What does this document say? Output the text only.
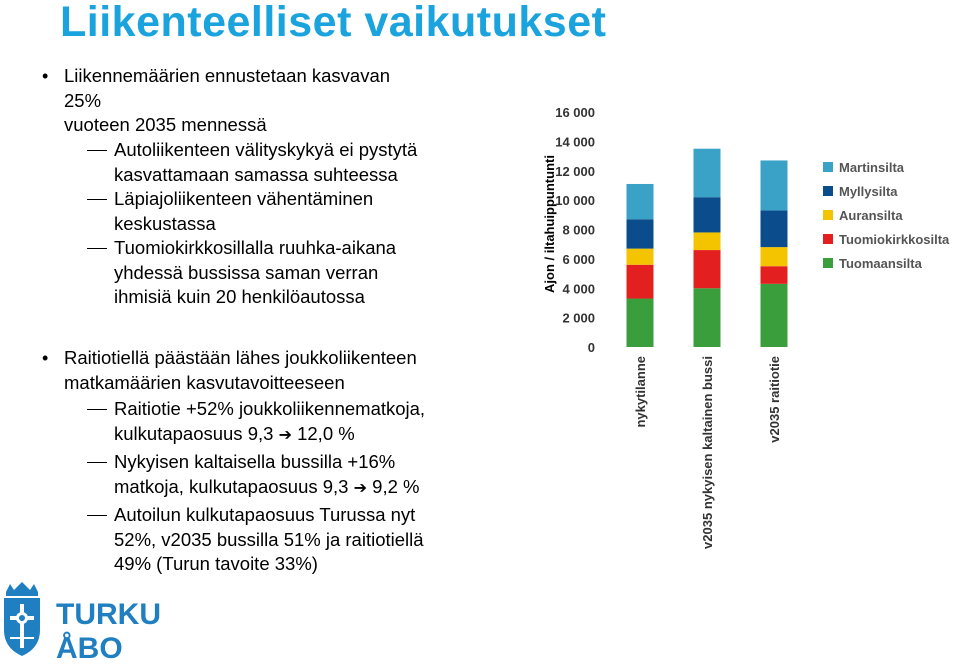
Liikenteelliset vaikutukset
• Liikennemäärien ennustetaan kasvavan
25%
vuoteen 2035 mennessä
Autoliikenteen välityskykyä ei pystytä
kasvattamaan samassa suhteessa
Läpiajoliikenteen vähentäminen
keskustassa
Tuomiokirkkosillalla ruuhka-aikana
yhdessä bussissa saman verran
ihmisiä kuin 20 henkilöautossa
• Raitiotiellä päästään lähes joukkoliikenteen
matkamäärien kasvutavoitteeseen
Raitiotie +52% joukkoliikennematkoja,
kulkutapaosuus 9,3 ➔ 12,0 %
Nykyisen kaltaisella bussilla +16%
matkoja, kulkutapaosuus 9,3 ➔ 9,2 %
Autoilun kulkutapaosuus Turussa nyt
52%, v2035 bussilla 51% ja raitiotiellä
49% (Turun tavoite 33%)
Ajon / iltahuippuntunti
0
2 000
4 000
6 000
8 000
10 000
12 000
14 000
16 000
nykytilanne	v2035 nykyisen kaltainen bussi	v2035 raitiotie
Martinsilta
Myllysilta
Auransilta
Tuomiokirkkosilta
Tuomaansilta
TURKU
ÅBO
